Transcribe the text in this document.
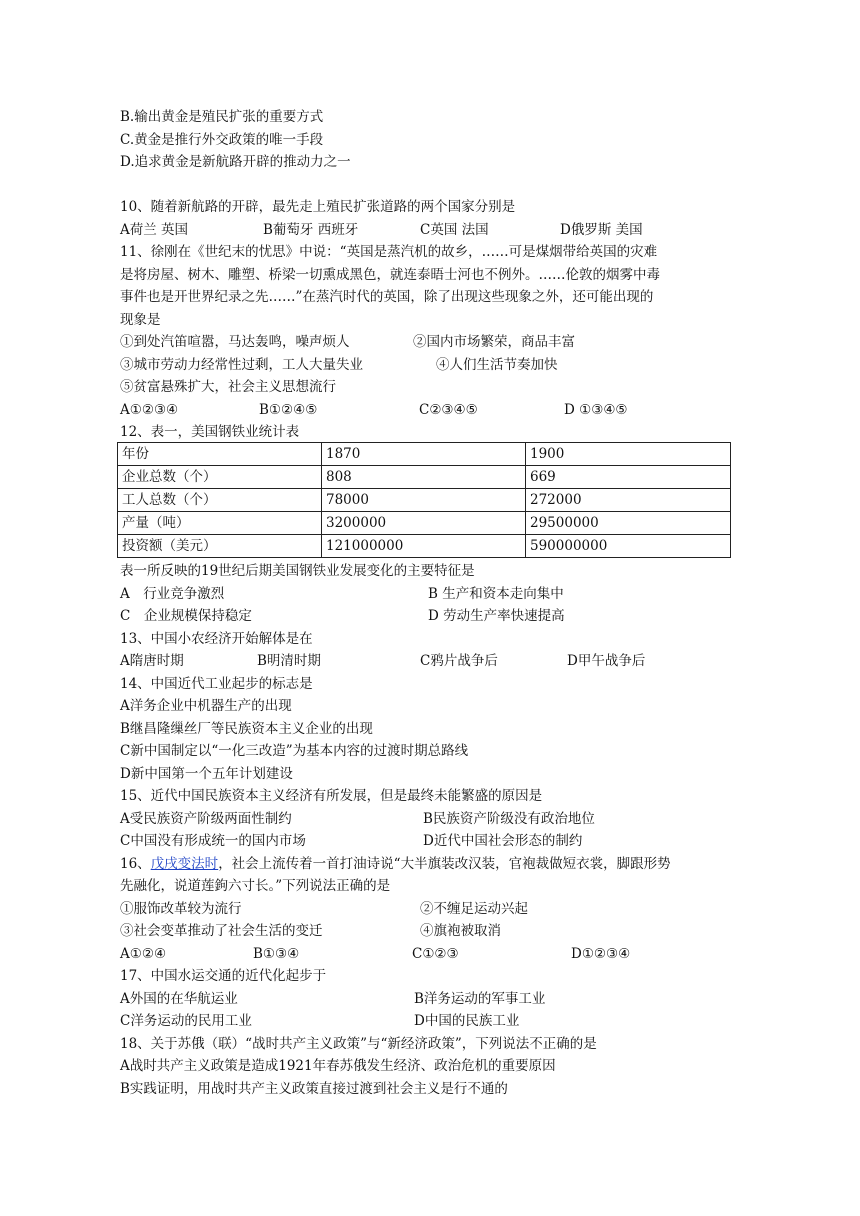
B.输出黄金是殖民扩张的重要方式
C.黄金是推行外交政策的唯一手段
D.追求黄金是新航路开辟的推动力之一
10、随着新航路的开辟，最先走上殖民扩张道路的两个国家分别是
A荷兰 英国	B葡萄牙 西班牙	C英国 法国	D俄罗斯 美国
11、徐刚在《世纪末的忧思》中说：“英国是蒸汽机的故乡，……可是煤烟带给英国的灾难
是将房屋、树木、雕塑、桥梁一切熏成黑色，就连泰晤士河也不例外。……伦敦的烟雾中毒
事件也是开世界纪录之先……”在蒸汽时代的英国，除了出现这些现象之外，还可能出现的
现象是
①到处汽笛喧嚣，马达轰鸣，噪声烦人	②国内市场繁荣，商品丰富
③城市劳动力经常性过剩，工人大量失业	④人们生活节奏加快
⑤贫富悬殊扩大，社会主义思想流行
A①②③④	B①②④⑤	C②③④⑤	D ①③④⑤
12、表一，美国钢铁业统计表
年份	1870	1900
企业总数（个）	808	669
工人总数（个）	78000	272000
产量（吨）	3200000	29500000
投资额（美元）	121000000	590000000
表一所反映的19世纪后期美国钢铁业发展变化的主要特征是
A　行业竞争激烈	B 生产和资本走向集中
C　企业规模保持稳定	D 劳动生产率快速提高
13、中国小农经济开始解体是在
A隋唐时期	B明清时期	C鸦片战争后	D甲午战争后
14、中国近代工业起步的标志是
A洋务企业中机器生产的出现
B继昌隆缫丝厂等民族资本主义企业的出现
C新中国制定以“一化三改造”为基本内容的过渡时期总路线
D新中国第一个五年计划建设
15、近代中国民族资本主义经济有所发展，但是最终未能繁盛的原因是
A受民族资产阶级两面性制约	B民族资产阶级没有政治地位
C中国没有形成统一的国内市场	D近代中国社会形态的制约
16、戊戌变法时，社会上流传着一首打油诗说“大半旗装改汉装，官袍裁做短衣裳，脚跟形势
先融化，说道莲鉤六寸长。”下列说法正确的是
①服饰改革较为流行	②不缠足运动兴起
③社会变革推动了社会生活的变迁	④旗袍被取消
A①②④	B①③④	C①②③	D①②③④
17、中国水运交通的近代化起步于
A外国的在华航运业	B洋务运动的军事工业
C洋务运动的民用工业	D中国的民族工业
18、关于苏俄（联）“战时共产主义政策”与“新经济政策”，下列说法不正确的是
A战时共产主义政策是造成1921年春苏俄发生经济、政治危机的重要原因
B实践证明，用战时共产主义政策直接过渡到社会主义是行不通的
